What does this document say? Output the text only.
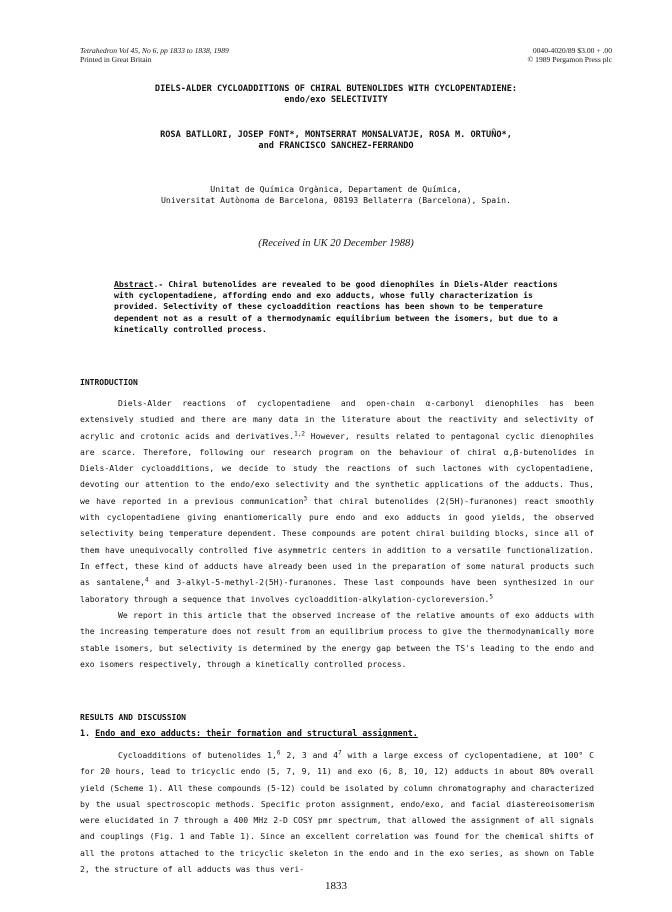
Tetrahedron Vol 45, No 6, pp 1833 to 1838, 1989
Printed in Great Britain
0040-4020/89 $3.00 + .00
© 1989 Pergamon Press plc
DIELS-ALDER CYCLOADDITIONS OF CHIRAL BUTENOLIDES WITH CYCLOPENTADIENE:
endo/exo SELECTIVITY
ROSA BATLLORI, JOSEP FONT*, MONTSERRAT MONSALVATJE, ROSA M. ORTUÑO*,
and FRANCISCO SANCHEZ-FERRANDO
Unitat de Química Orgànica, Departament de Química,
Universitat Autònoma de Barcelona, 08193 Bellaterra (Barcelona), Spain.
(Received in UK 20 December 1988)
Abstract.- Chiral butenolides are revealed to be good dienophiles in Diels-Alder reactions with cyclopentadiene, affording endo and exo adducts, whose fully characterization is provided. Selectivity of these cycloaddition reactions has been shown to be temperature dependent not as a result of a thermodynamic equilibrium between the isomers, but due to a kinetically controlled process.
INTRODUCTION
Diels-Alder reactions of cyclopentadiene and open-chain α-carbonyl dienophiles has been extensively studied and there are many data in the literature about the reactivity and selectivity of acrylic and crotonic acids and derivatives.$^{1,2}$ However, results related to pentagonal cyclic dienophiles are scarce. Therefore, following our research program on the behaviour of chiral α,β-butenolides in Diels-Alder cycloadditions, we decide to study the reactions of such lactones with cyclopentadiene, devoting our attention to the endo/exo selectivity and the synthetic applications of the adducts. Thus, we have reported in a previous communication$^3$ that chiral butenolides (2(5H)-furanones) react smoothly with cyclopentadiene giving enantiomerically pure endo and exo adducts in good yields, the observed selectivity being temperature dependent. These compounds are potent chiral building blocks, since all of them have unequivocally controlled five asymmetric centers in addition to a versatile functionalization. In effect, these kind of adducts have already been used in the preparation of some natural products such as santalene,$^4$ and 3-alkyl-5-methyl-2(5H)-furanones. These last compounds have been synthesized in our laboratory through a sequence that involves cycloaddition-alkylation-cycloreversion.$^5$
We report in this article that the observed increase of the relative amounts of exo adducts with the increasing temperature does not result from an equilibrium process to give the thermodynamically more stable isomers, but selectivity is determined by the energy gap between the TS's leading to the endo and exo isomers respectively, through a kinetically controlled process.
RESULTS AND DISCUSSION
1. Endo and exo adducts: their formation and structural assignment.
Cycloadditions of butenolides 1,$^6$ 2, 3 and $4^7$ with a large excess of cyclopentadiene, at 100° C for 20 hours, lead to tricyclic endo (5, 7, 9, 11) and exo (6, 8, 10, 12) adducts in about 80% overall yield (Scheme 1). All these compounds (5-12) could be isolated by column chromatography and characterized by the usual spectroscopic methods. Specific proton assignment, endo/exo, and facial diastereoisomerism were elucidated in 7 through a 400 MHz 2-D COSY pmr spectrum, that allowed the assignment of all signals and couplings (Fig. 1 and Table 1). Since an excellent correlation was found for the chemical shifts of all the protons attached to the tricyclic skeleton in the endo and in the exo series, as shown on Table 2, the structure of all adducts was thus veri-
1833
